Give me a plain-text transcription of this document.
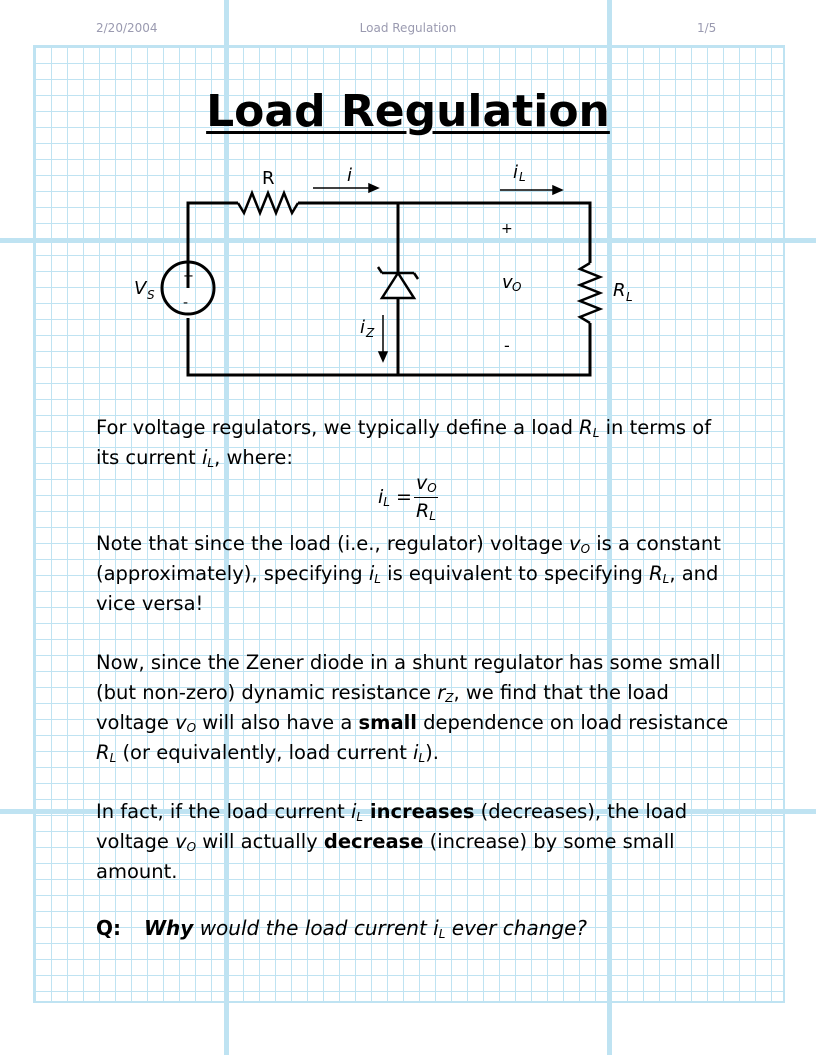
2/20/2004	Load Regulation	1/5
Load Regulation
R	i	i L
+
-
v O	R L
V S
+
-
i Z

For voltage regulators, we typically define a load $R_L$ in terms of its current $i_L$, where:

$i_L$ =
$v_O$
$R_L$

Note that since the load (i.e., regulator) voltage $v_O$ is a constant (approximately), specifying $i_L$ is equivalent to specifying $R_L$, and vice versa!

Now, since the Zener diode in a shunt regulator has some small (but non-zero) dynamic resistance $r_Z$, we find that the load voltage $v_O$ will also have a small dependence on load resistance $R_L$ (or equivalently, load current $i_L$).

In fact, if the load current $i_L$ increases (decreases), the load voltage $v_O$ will actually decrease (increase) by some small amount.

Q: Why would the load current $i_L$ ever change?
